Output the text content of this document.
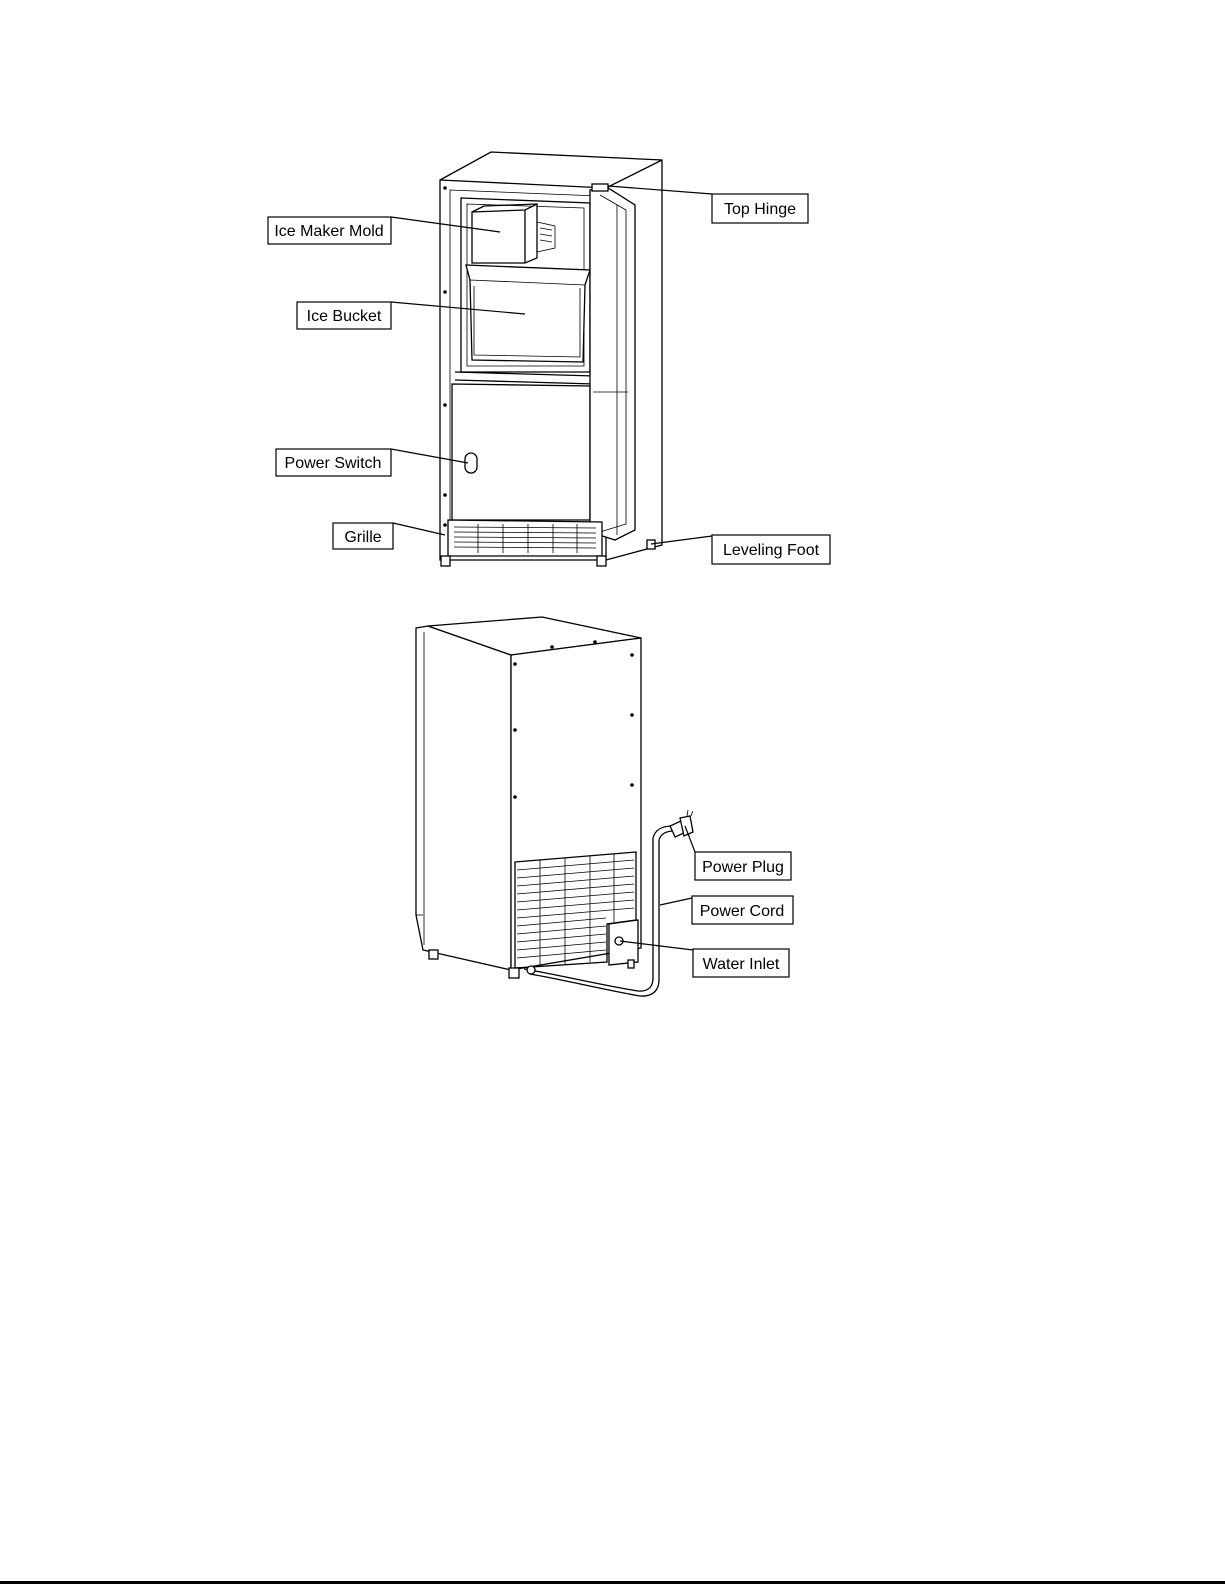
Top Hinge
Ice Maker Mold
Ice Bucket
Power Switch
Grille
Leveling Foot
Power Plug
Power Cord
Water Inlet
